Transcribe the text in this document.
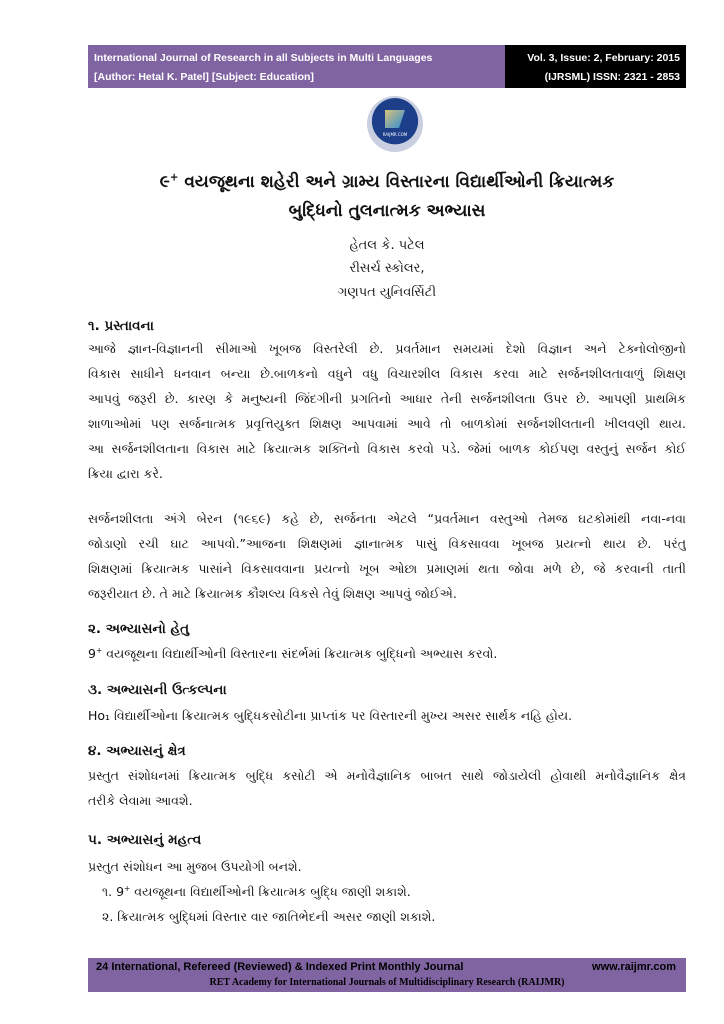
International Journal of Research in all Subjects in Multi Languages
[Author: Hetal K. Patel] [Subject: Education]
Vol. 3, Issue: 2, February: 2015
(IJRSML) ISSN: 2321 - 2853
RAIJMR.COM
૯+ વયજૂથના શહેરી અને ગ્રામ્ય વિસ્તારના વિદ્યાર્થીઓની ક્રિયાત્મક
બુદ્ધિનો તુલનાત્મક અભ્યાસ
હેતલ કે. પટેલ
રીસર્ચ સ્કોલર,
ગણપત યુનિવર્સિટી
૧. પ્રસ્તાવના
આજે જ્ઞાન-વિજ્ઞાનની સીમાઓ ખૂબજ વિસ્તરેલી છે. પ્રવર્તમાન સમયમાં દેશો વિજ્ઞાન અને ટેક્નોલોજીનો
વિકાસ સાધીને ધનવાન બન્યા છે.બાળકનો વધુને વધુ વિચારશીલ વિકાસ કરવા માટે સર્જનશીલતાવાળું શિક્ષણ
આપવું જરૂરી છે. કારણ કે મનુષ્યની જિંદગીની પ્રગતિનો આધાર તેની સર્જનશીલતા ઉપર છે. આપણી પ્રાથમિક
શાળાઓમાં પણ સર્જનાત્મક પ્રવૃત્તિયુક્ત શિક્ષણ આપવામાં આવે તો બાળકોમાં સર્જનશીલતાની ખીલવણી થાય.
આ સર્જનશીલતાના વિકાસ માટે ક્રિયાત્મક શક્તિનો વિકાસ કરવો પડે. જેમાં બાળક કોઈપણ વસ્તુનું સર્જન કોઈ
ક્રિયા દ્વારા કરે.
સર્જનશીલતા અંગે બેરન (૧૯૬૯) કહે છે, સર્જનતા એટલે “પ્રવર્તમાન વસ્તુઓ તેમજ ઘટકોમાંથી નવા-નવા
જોડાણો રચી ઘાટ આપવો.”આજના શિક્ષણમાં જ્ઞાનાત્મક પાસું વિકસાવવા ખૂબજ પ્રયત્નો થાય છે. પરંતુ
શિક્ષણમાં ક્રિયાત્મક પાસાંને વિકસાવવાના પ્રયત્નો ખૂબ ઓછા પ્રમાણમાં થતા જોવા મળે છે, જે કરવાની તાતી
જરૂરીયાત છે. તે માટે ક્રિયાત્મક કૌશલ્ય વિકસે તેવું શિક્ષણ આપવું જોઈએ.
૨. અભ્યાસનો હેતુ
9+ વયજૂથના વિદ્યાર્થીઓની વિસ્તારના સંદર્ભમાં ક્રિયાત્મક બુદ્ધિનો અભ્યાસ કરવો.
૩. અભ્યાસની ઉત્કલ્પના
Ho₁ વિદ્યાર્થીઓના ક્રિયાત્મક બુદ્ધિકસોટીના પ્રાપ્તાંક પર વિસ્તારની મુખ્ય અસર સાર્થક નહિ હોય.
૪. અભ્યાસનું ક્ષેત્ર
પ્રસ્તુત સંશોધનમાં ક્રિયાત્મક બુદ્ધિ કસોટી એ મનોવૈજ્ઞાનિક બાબત સાથે જોડાયેલી હોવાથી મનોવૈજ્ઞાનિક ક્ષેત્ર
તરીકે લેવામા આવશે.
૫. અભ્યાસનું મહત્વ
પ્રસ્તુત સંશોધન આ મુજબ ઉપયોગી બનશે.
૧. 9+ વયજૂથના વિદ્યાર્થીઓની ક્રિયાત્મક બુદ્ધિ જાણી શકાશે.
૨. ક્રિયાત્મક બુદ્ધિમાં વિસ્તાર વાર જાતિભેદની અસર જાણી શકાશે.
24 International, Refereed (Reviewed) & Indexed Print Monthly Journal	www.raijmr.com
RET Academy for International Journals of Multidisciplinary Research (RAIJMR)
